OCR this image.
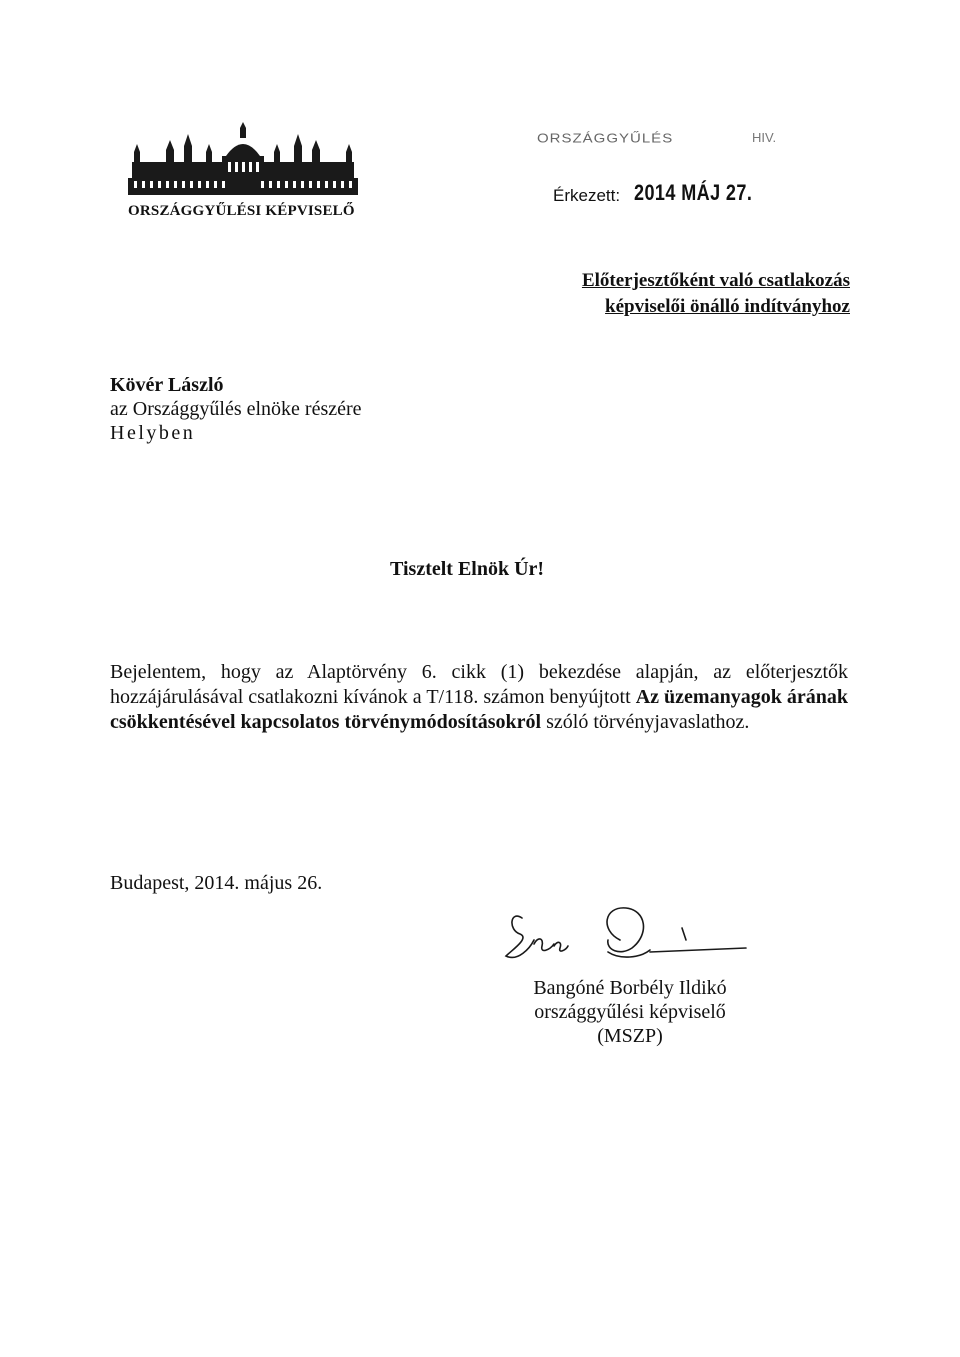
ORSZÁGGYŰLÉSI KÉPVISELŐ
ORSZÁGGYŰLÉS	HIV.
Érkezett: 2014 MÁJ 27.
Előterjesztőként való csatlakozás
képviselői önálló indítványhoz
Kövér László
az Országgyűlés elnöke részére
Helyben
Tisztelt Elnök Úr!
Bejelentem, hogy az Alaptörvény 6. cikk (1) bekezdése alapján, az előterjesztők hozzájárulásával csatlakozni kívánok a T/118. számon benyújtott Az üzemanyagok árának csökkentésével kapcsolatos törvénymódosításokról szóló törvényjavaslathoz.
Budapest, 2014. május 26.
Bangóné Borbély Ildikó
országgyűlési képviselő
(MSZP)
